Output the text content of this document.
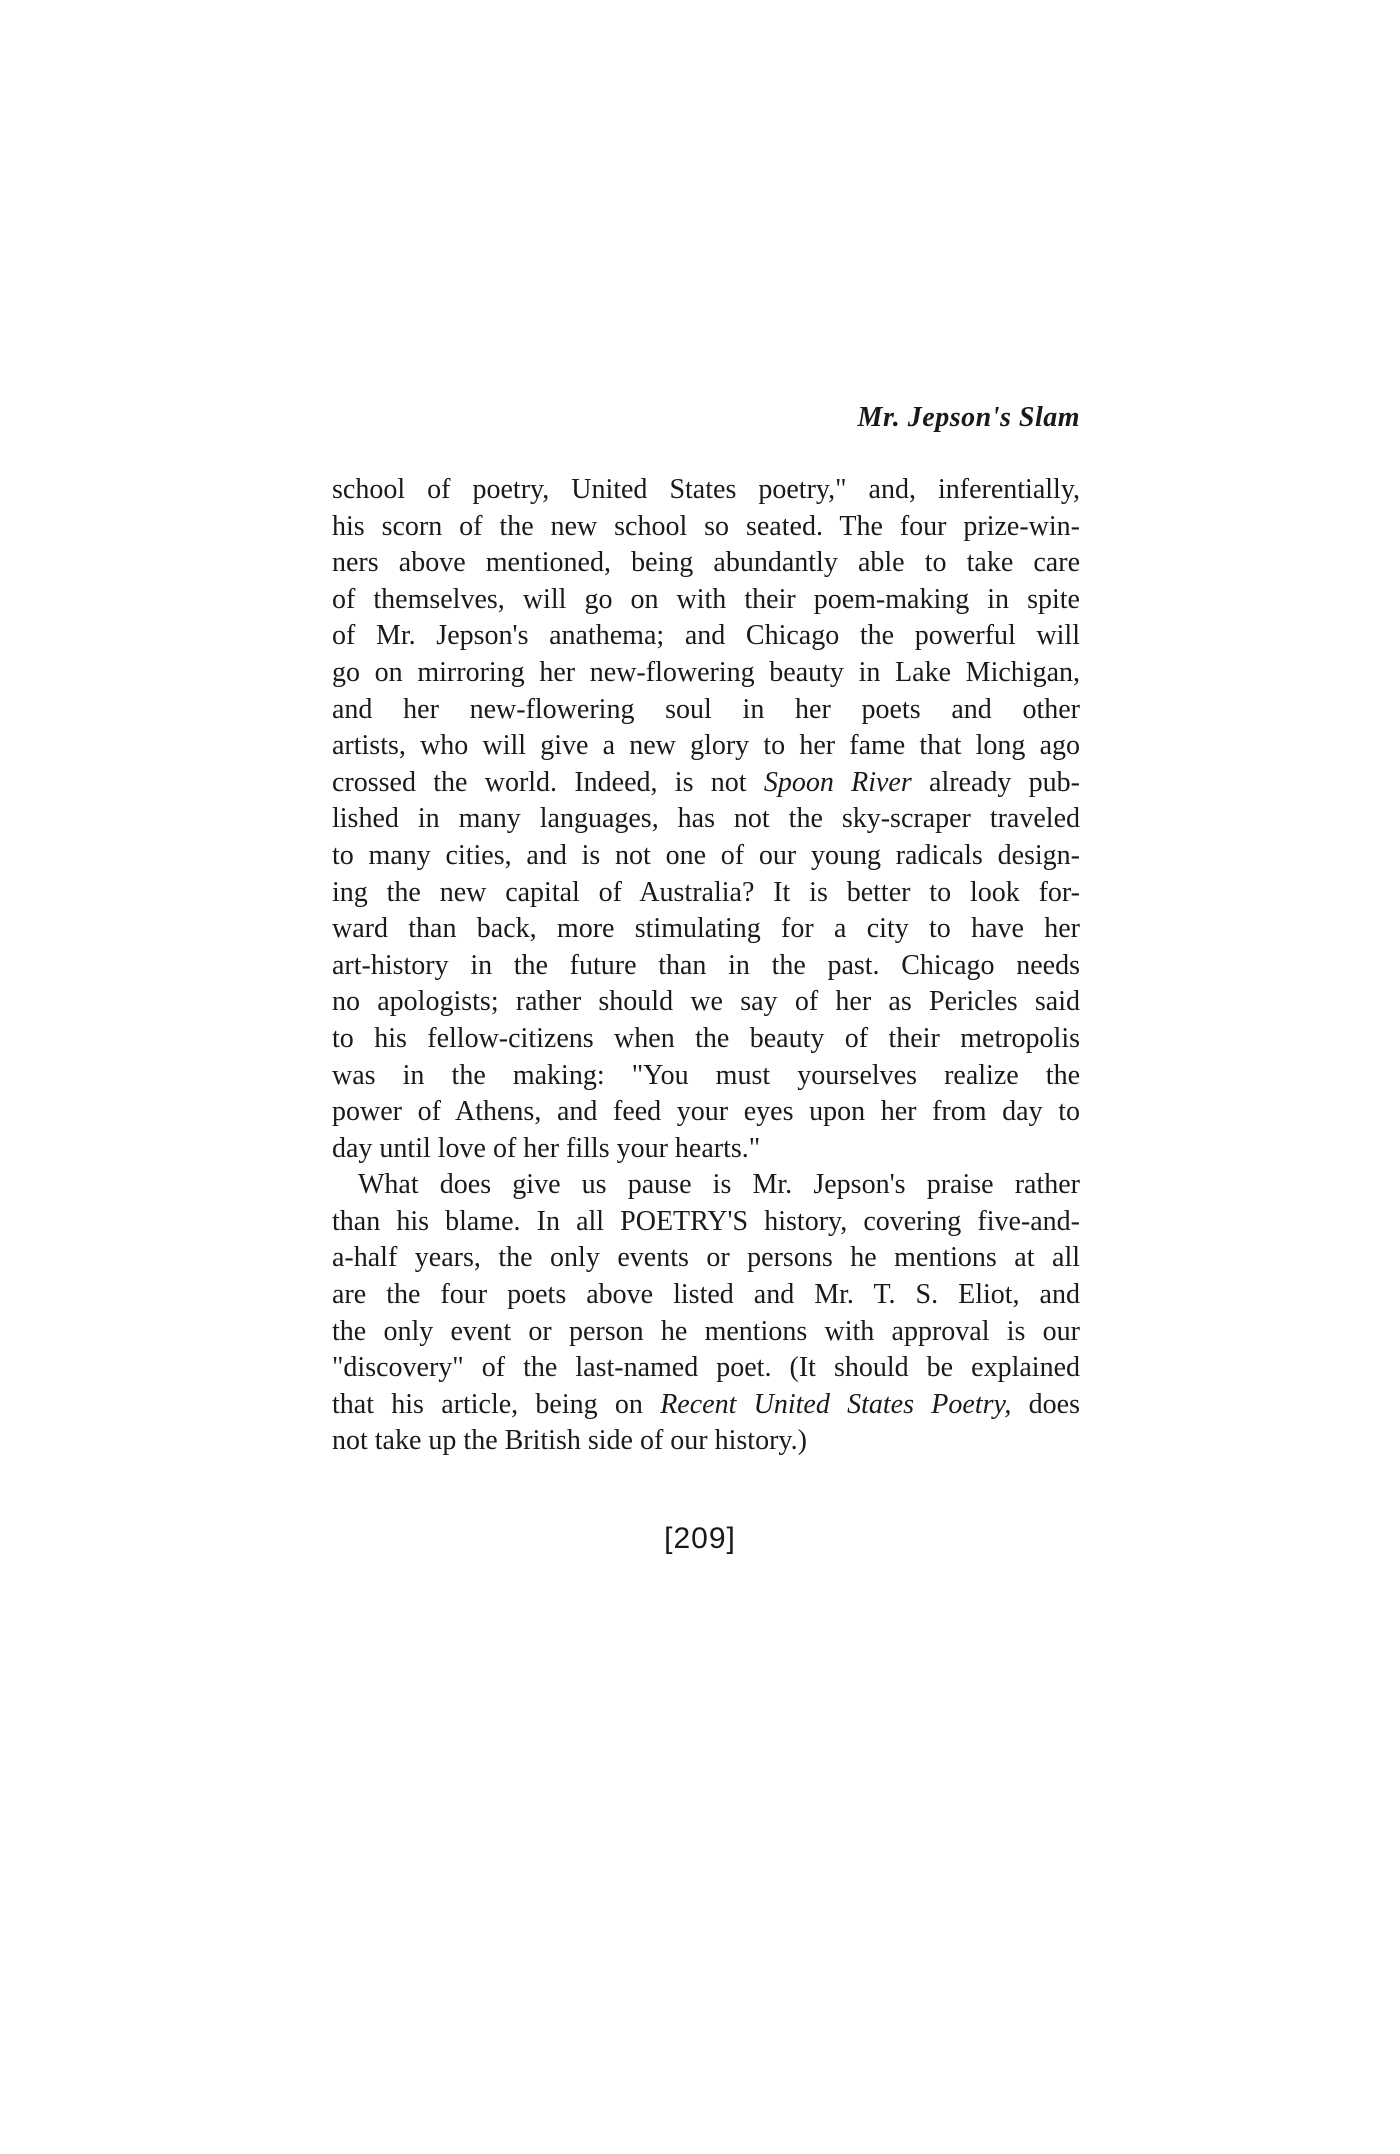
Mr. Jepson's Slam
school of poetry, United States poetry," and, inferentially,
his scorn of the new school so seated. The four prize-win-
ners above mentioned, being abundantly able to take care
of themselves, will go on with their poem-making in spite
of Mr. Jepson's anathema; and Chicago the powerful will
go on mirroring her new-flowering beauty in Lake Michigan,
and her new-flowering soul in her poets and other
artists, who will give a new glory to her fame that long ago
crossed the world. Indeed, is not Spoon River already pub-
lished in many languages, has not the sky-scraper traveled
to many cities, and is not one of our young radicals design-
ing the new capital of Australia? It is better to look for-
ward than back, more stimulating for a city to have her
art-history in the future than in the past. Chicago needs
no apologists; rather should we say of her as Pericles said
to his fellow-citizens when the beauty of their metropolis
was in the making: "You must yourselves realize the
power of Athens, and feed your eyes upon her from day to
day until love of her fills your hearts."
What does give us pause is Mr. Jepson's praise rather
than his blame. In all POETRY'S history, covering five-and-
a-half years, the only events or persons he mentions at all
are the four poets above listed and Mr. T. S. Eliot, and
the only event or person he mentions with approval is our
"discovery" of the last-named poet. (It should be explained
that his article, being on Recent United States Poetry, does
not take up the British side of our history.)
[209]
